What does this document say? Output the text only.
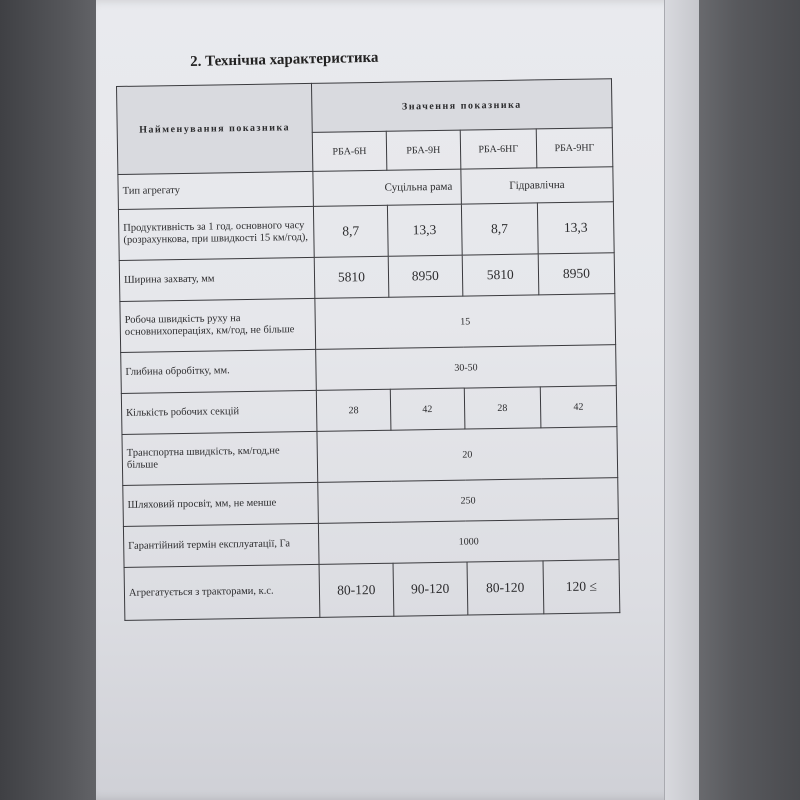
2. Технічна характеристика
Найменування показника	Значення показника			
	РБА-6Н	РБА-9Н	РБА-6НГ	РБА-9НГ
Тип агрегату	Суцільна рама		Гідравлічна	
Продуктивність за 1 год. основного часу (розрахункова, при швидкості 15 км/год),	8,7	13,3	8,7	13,3
Ширина захвату, мм	5810	8950	5810	8950
Робоча швидкість руху на основнихопераціях, км/год, не більше	15			
Глибина обробітку, мм.	30-50			
Кількість робочих секцій	28	42	28	42
Транспортна швидкість, км/год,не більше	20			
Шляховий просвіт, мм, не менше	250			
Гарантійний термін експлуатації, Га	1000			
Агрегатується з тракторами, к.с.	80-120	90-120	80-120	120 ≤
